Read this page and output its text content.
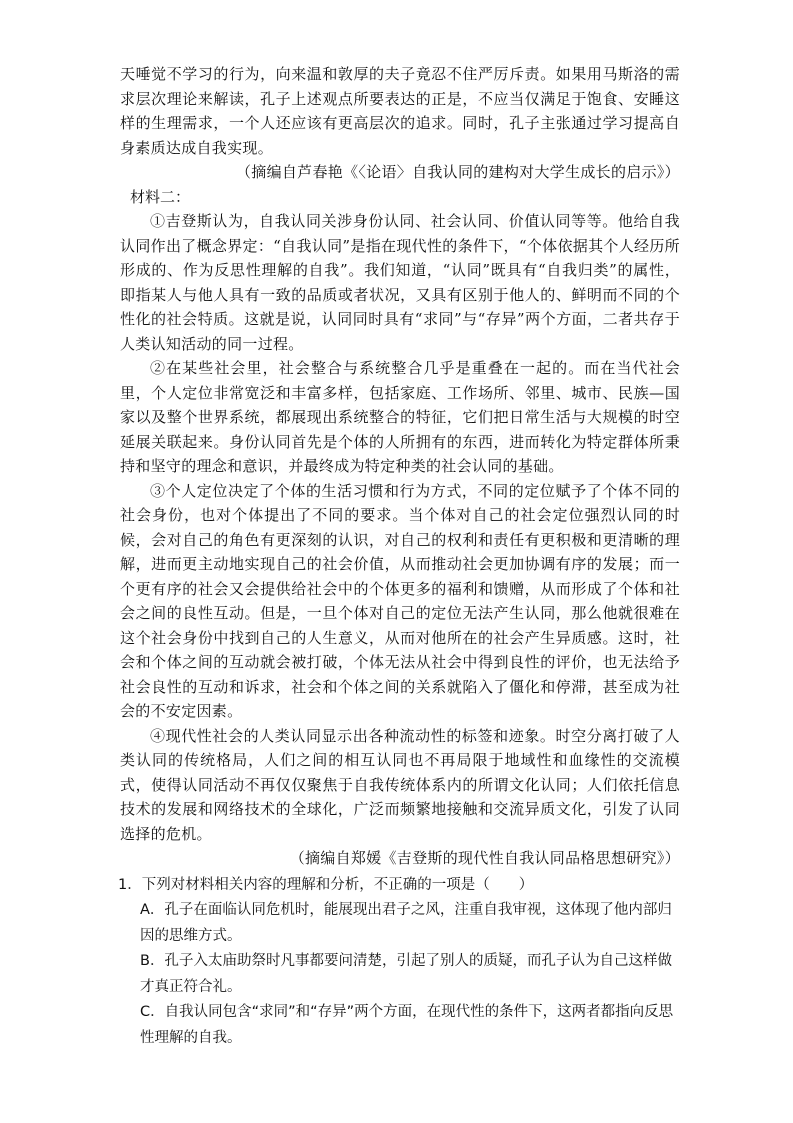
天唾觉不学习的行为，向来温和敦厚的夫子竟忍不住严厉斥责。如果用马斯洛的需求层次理论来解读，孔子上述观点所要表达的正是，不应当仅满足于饱食、安睡这样的生理需求，一个人还应该有更高层次的追求。同时，孔子主张通过学习提高自身素质达成自我实现。

（摘编自芦春艳《〈论语〉自我认同的建构对大学生成长的启示》）

材料二：

①吉登斯认为，自我认同关涉身份认同、社会认同、价值认同等等。他给自我认同作出了概念界定：“自我认同”是指在现代性的条件下，“个体依据其个人经历所形成的、作为反思性理解的自我”。我们知道，“认同”既具有“自我归类”的属性，即指某人与他人具有一致的品质或者状况，又具有区别于他人的、鲜明而不同的个性化的社会特质。这就是说，认同同时具有“求同”与“存异”两个方面，二者共存于人类认知活动的同一过程。

②在某些社会里，社会整合与系统整合几乎是重叠在一起的。而在当代社会里，个人定位非常宽泛和丰富多样，包括家庭、工作场所、邻里、城市、民族—国家以及整个世界系统，都展现出系统整合的特征，它们把日常生活与大规模的时空延展关联起来。身份认同首先是个体的人所拥有的东西，进而转化为特定群体所秉持和坚守的理念和意识，并最终成为特定种类的社会认同的基础。

③个人定位决定了个体的生活习惯和行为方式，不同的定位赋予了个体不同的社会身份，也对个体提出了不同的要求。当个体对自己的社会定位强烈认同的时候，会对自己的角色有更深刻的认识，对自己的权利和责任有更积极和更清晰的理解，进而更主动地实现自己的社会价值，从而推动社会更加协调有序的发展；而一个更有序的社会又会提供给社会中的个体更多的福利和馈赠，从而形成了个体和社会之间的良性互动。但是，一旦个体对自己的定位无法产生认同，那么他就很难在这个社会身份中找到自己的人生意义，从而对他所在的社会产生异质感。这时，社会和个体之间的互动就会被打破，个体无法从社会中得到良性的评价，也无法给予社会良性的互动和诉求，社会和个体之间的关系就陷入了僵化和停滞，甚至成为社会的不安定因素。

④现代性社会的人类认同显示出各种流动性的标签和迹象。时空分离打破了人类认同的传统格局，人们之间的相互认同也不再局限于地域性和血缘性的交流模式，使得认同活动不再仅仅聚焦于自我传统体系内的所谓文化认同；人们依托信息技术的发展和网络技术的全球化，广泛而频繁地接触和交流异质文化，引发了认同选择的危机。

（摘编自郑媛《吉登斯的现代性自我认同品格思想研究》）

1．下列对材料相关内容的理解和分析，不正确的一项是（　　）

A．孔子在面临认同危机时，能展现出君子之风，注重自我审视，这体现了他内部归因的思维方式。

B．孔子入太庙助祭时凡事都要问清楚，引起了别人的质疑，而孔子认为自己这样做才真正符合礼。

C．自我认同包含“求同”和“存异”两个方面，在现代性的条件下，这两者都指向反思性理解的自我。
